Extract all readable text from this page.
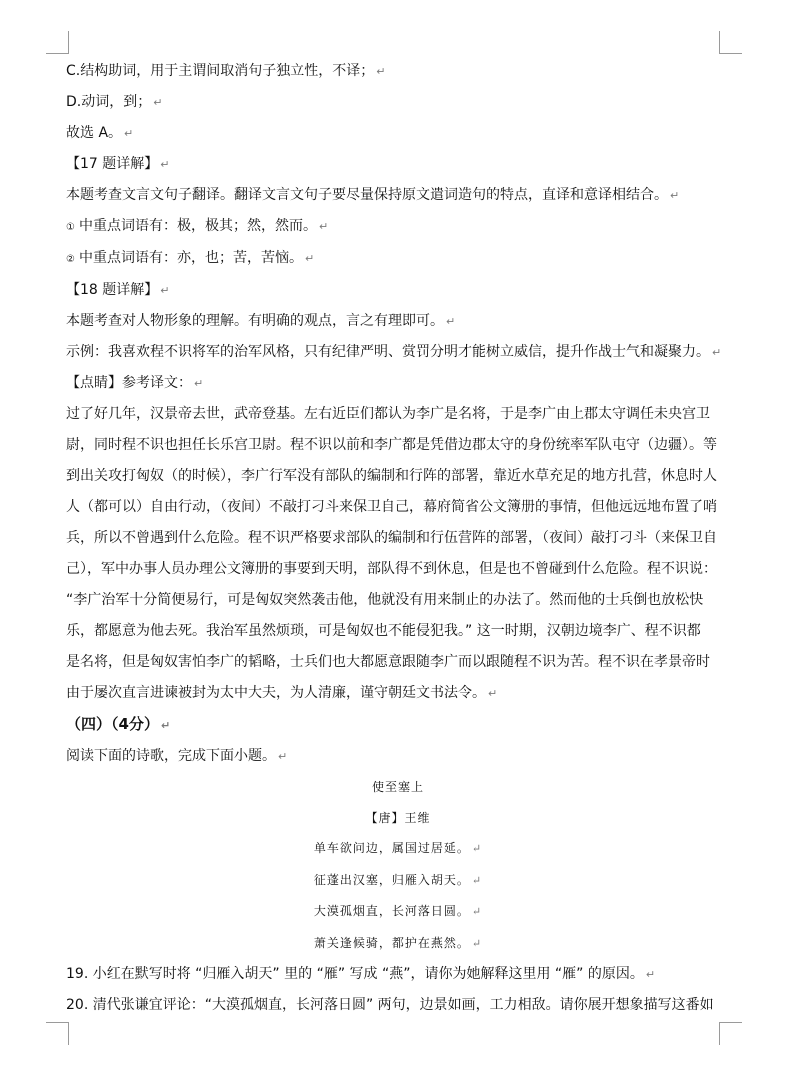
C.结构助词，用于主谓间取消句子独立性，不译； ↵
D.动词，到； ↵
故选 A。 ↵
【17 题详解】 ↵
本题考查文言文句子翻译。翻译文言文句子要尽量保持原文遣词造句的特点，直译和意译相结合。 ↵
① 中重点词语有：极，极其；然，然而。 ↵
② 中重点词语有：亦，也；苦，苦恼。 ↵
【18 题详解】 ↵
本题考查对人物形象的理解。有明确的观点，言之有理即可。 ↵
示例：我喜欢程不识将军的治军风格，只有纪律严明、赏罚分明才能树立威信，提升作战士气和凝聚力。 ↵
【点睛】参考译文： ↵
过了好几年，汉景帝去世，武帝登基。左右近臣们都认为李广是名将，于是李广由上郡太守调任未央宫卫
尉，同时程不识也担任长乐宫卫尉。程不识以前和李广都是凭借边郡太守的身份统率军队屯守（边疆）。等
到出关攻打匈奴（的时候），李广行军没有部队的编制和行阵的部署，靠近水草充足的地方扎营，休息时人
人（都可以）自由行动，（夜间）不敲打刁斗来保卫自己，幕府简省公文簿册的事情，但他远远地布置了哨
兵，所以不曾遇到什么危险。程不识严格要求部队的编制和行伍营阵的部署，（夜间）敲打刁斗（来保卫自
己），军中办事人员办理公文簿册的事要到天明，部队得不到休息，但是也不曾碰到什么危险。程不识说：
“李广治军十分简便易行，可是匈奴突然袭击他，他就没有用来制止的办法了。然而他的士兵倒也放松快
乐，都愿意为他去死。我治军虽然烦琐，可是匈奴也不能侵犯我。” 这一时期，汉朝边境李广、程不识都
是名将，但是匈奴害怕李广的韬略，士兵们也大都愿意跟随李广而以跟随程不识为苦。程不识在孝景帝时
由于屡次直言进谏被封为太中大夫，为人清廉，谨守朝廷文书法令。 ↵
（四）（4分） ↵
阅读下面的诗歌，完成下面小题。 ↵
使至塞上
【唐】王维
单车欲问边，属国过居延。 ↵
征蓬出汉塞，归雁入胡天。 ↵
大漠孤烟直，长河落日圆。 ↵
萧关逢候骑，都护在燕然。 ↵
19. 小红在默写时将 “归雁入胡天” 里的 “雁” 写成 “燕”，请你为她解释这里用 “雁” 的原因。 ↵
20. 清代张谦宜评论：“大漠孤烟直，长河落日圆” 两句，边景如画，工力相敌。请你展开想象描写这番如
